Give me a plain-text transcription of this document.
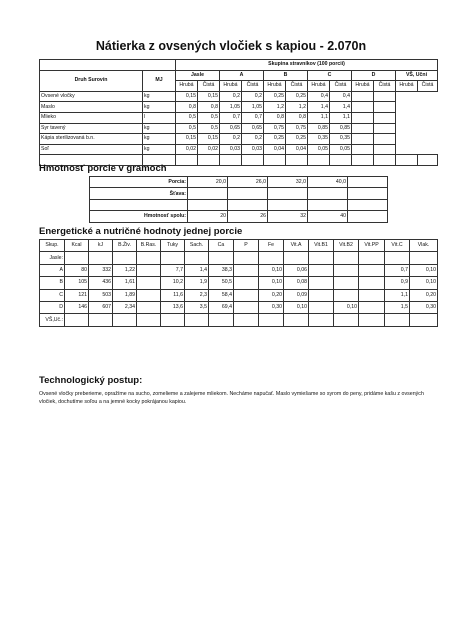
Nátierka z ovsených vločiek s kapiou - 2.070n
		Skupina stravníkov (100 porcií)											
Druh Surovín	MJ	Jasle		A		B		C		D		VŠ, Učni	
		Hrubá	Čistá	Hrubá	Čistá	Hrubá	Čistá	Hrubá	Čistá	Hrubá	Čistá	Hrubá	Čistá
Ovsené vločky	kg	0,15	0,15	0,2	0,2	0,25	0,25	0,4	0,4				
Maslo	kg	0,8	0,8	1,05	1,05	1,2	1,2	1,4	1,4				
Mlieko	l	0,5	0,5	0,7	0,7	0,8	0,8	1,1	1,1				
Syr tavený	kg	0,5	0,5	0,65	0,65	0,75	0,75	0,85	0,85				
Kápia sterilizovaná b.n.	kg	0,15	0,15	0,2	0,2	0,25	0,25	0,35	0,35				
Soľ	kg	0,02	0,02	0,03	0,03	0,04	0,04	0,05	0,05				

Hmotnosť porcie v gramoch
Porcia:	20,0	26,0	32,0	40,0	
Šťava:					

Hmotnosť spolu:	20	26	32	40	
Energetické a nutričné hodnoty jednej porcie
Skup.	Kcal	kJ	B.Živ.	B.Ras.	Tuky	Sach.	Ca	P	Fe	Vit.A	Vit.B1	Vit.B2	Vit.PP	Vit.C	Vlak.
Jasle:															
A	80	332	1,22		7,7	1,4	38,3		0,10	0,06				0,7	0,10
B	105	436	1,61		10,2	1,9	50,5		0,10	0,08				0,9	0,10
C	121	503	1,89		11,6	2,3	58,4		0,20	0,09				1,1	0,20
D	146	607	2,34		13,6	3,5	69,4		0,30	0,10		0,10		1,5	0,30
VŠ,Uč.:															
Technologický postup:

Ovsené vločky preberieme, opražíme na sucho, zomelieme a zalejeme mliekom. Necháme napučať. Maslo vymiešame so syrom do peny, pridáme kašu z ovsených vločiek, dochutíme soľou a na jemné kocky pokrájanou kapiou.
